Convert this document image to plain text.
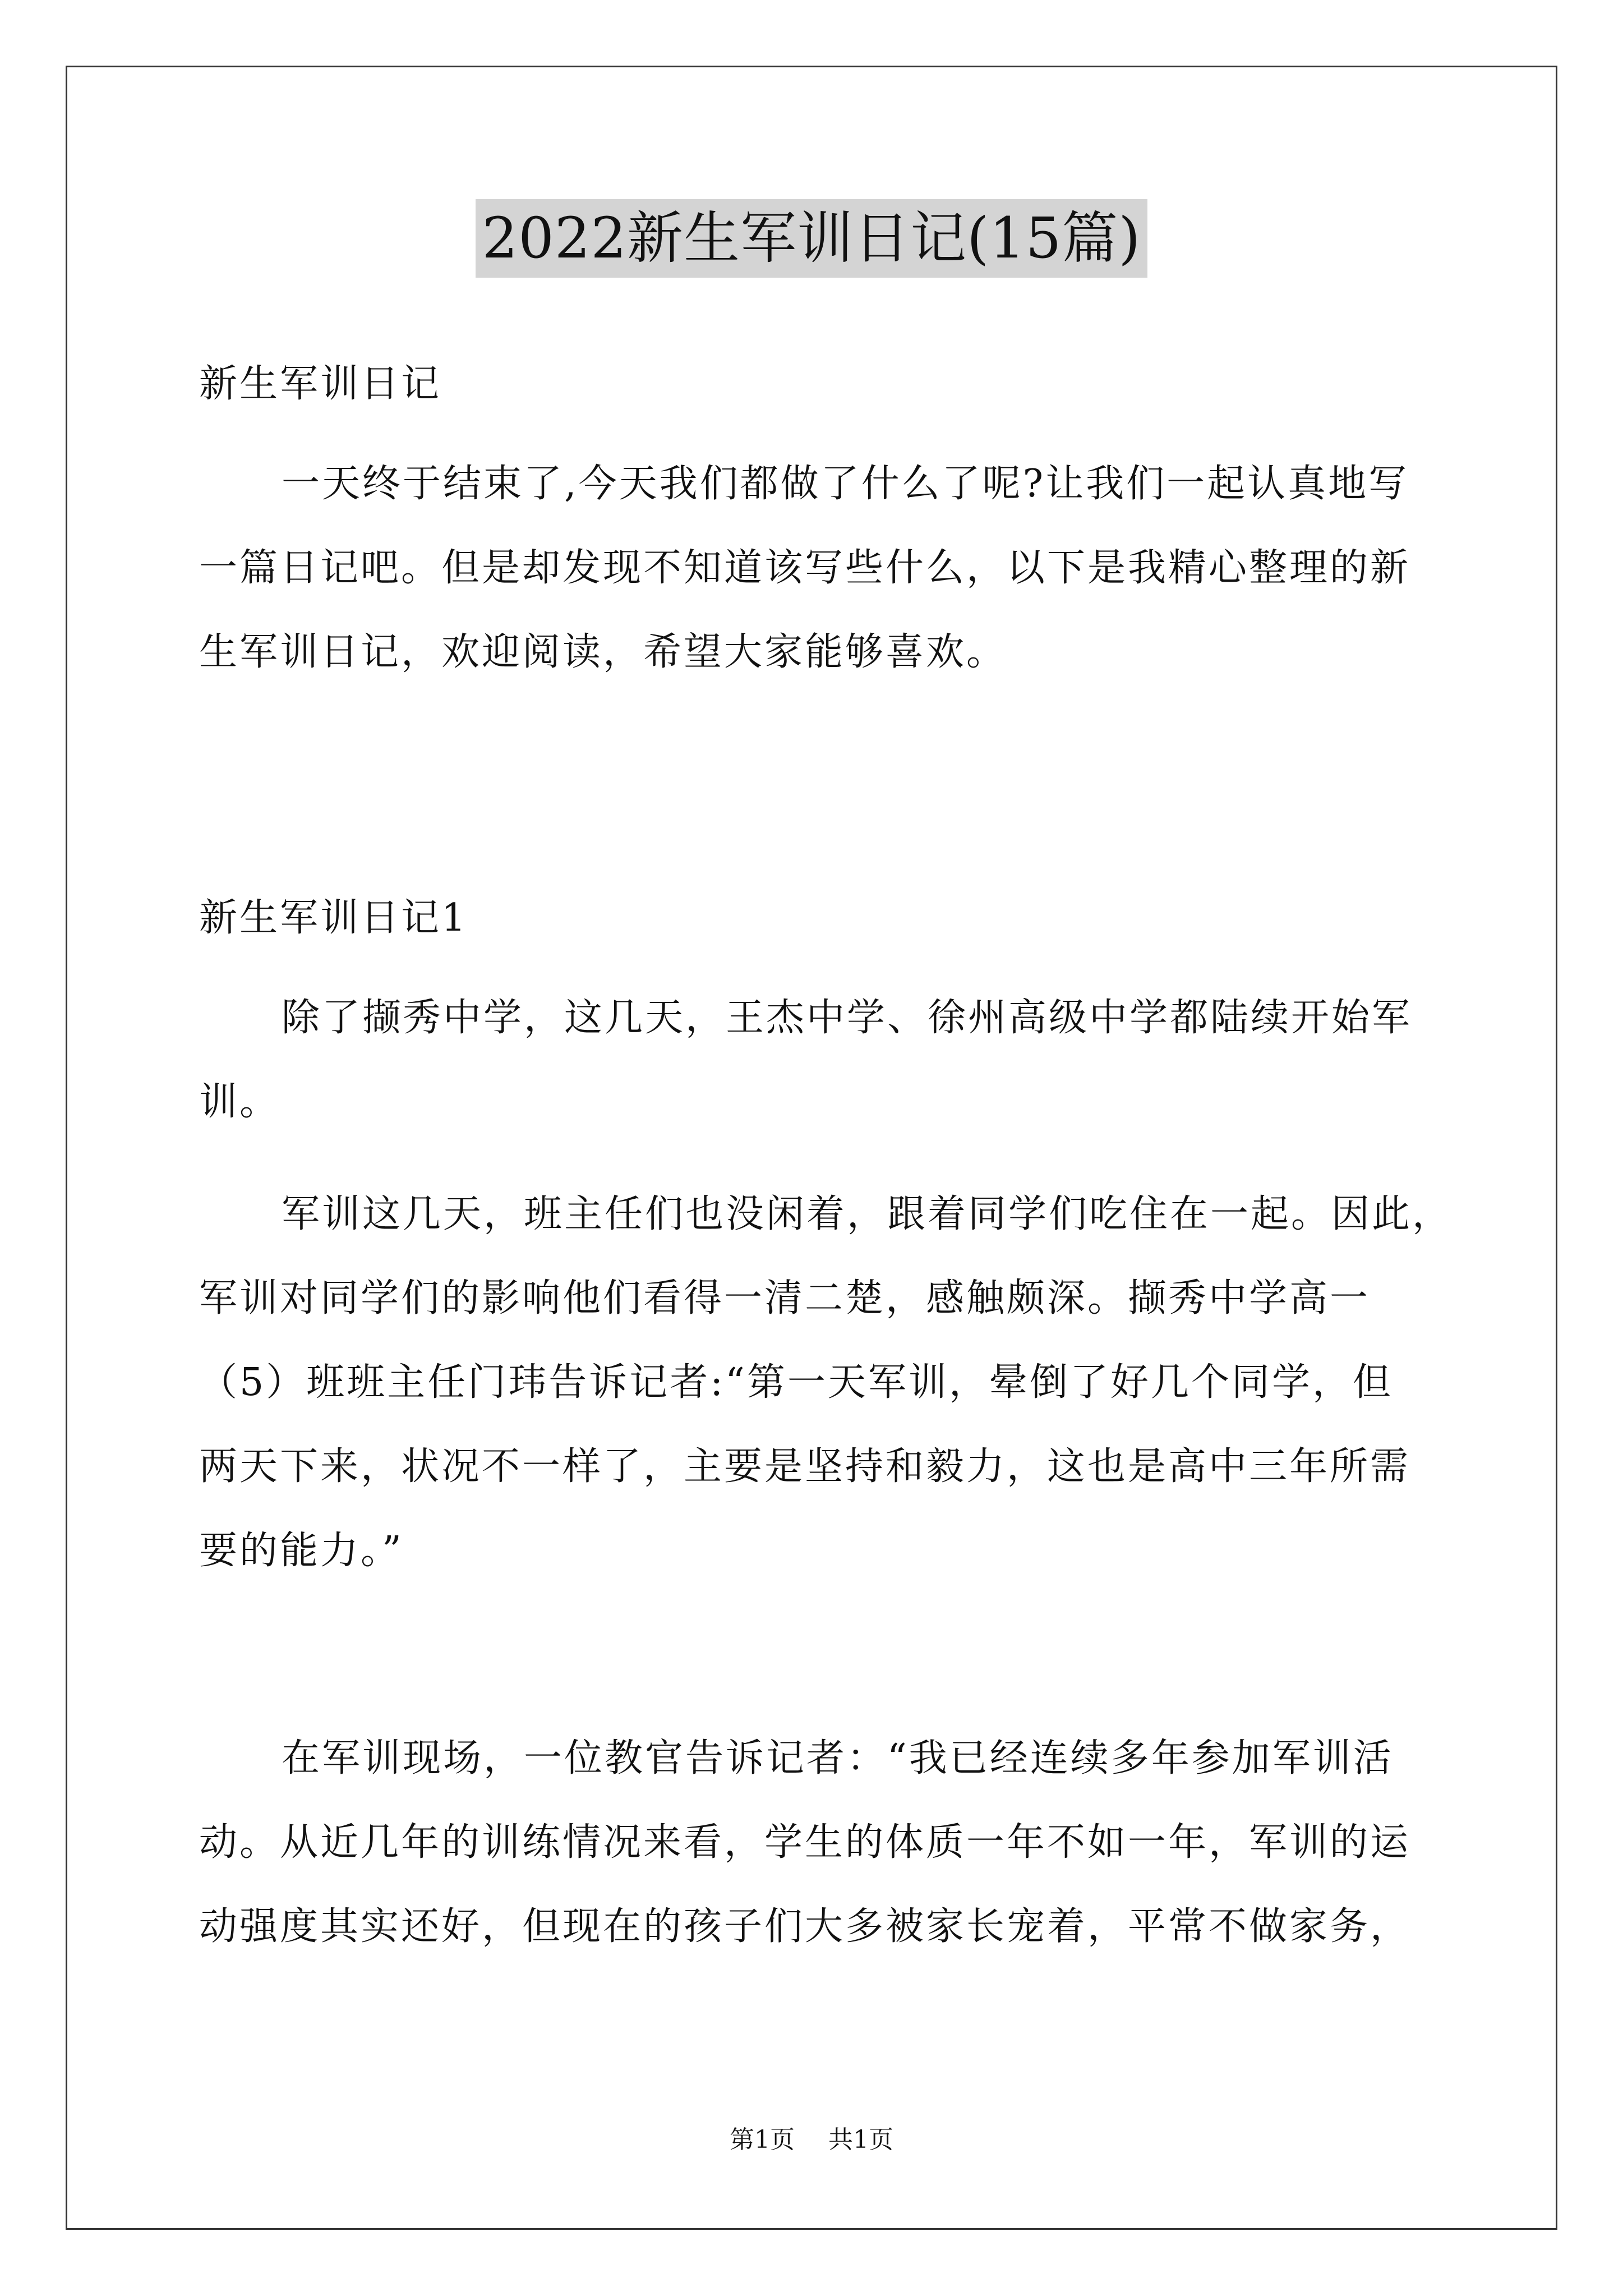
2022新生军训日记(15篇)
新生军训日记
一天终于结束了,今天我们都做了什么了呢?让我们一起认真地写
一篇日记吧。但是却发现不知道该写些什么，以下是我精心整理的新
生军训日记，欢迎阅读，希望大家能够喜欢。
新生军训日记1
除了撷秀中学，这几天，王杰中学、徐州高级中学都陆续开始军
训。
军训这几天，班主任们也没闲着，跟着同学们吃住在一起。因此，
军训对同学们的影响他们看得一清二楚，感触颇深。撷秀中学高一
（5）班班主任门玮告诉记者:“第一天军训，晕倒了好几个同学，但
两天下来，状况不一样了，主要是坚持和毅力，这也是高中三年所需
要的能力。”
在军训现场，一位教官告诉记者：“我已经连续多年参加军训活
动。从近几年的训练情况来看，学生的体质一年不如一年，军训的运
动强度其实还好，但现在的孩子们大多被家长宠着，平常不做家务，
第1页 共1页
